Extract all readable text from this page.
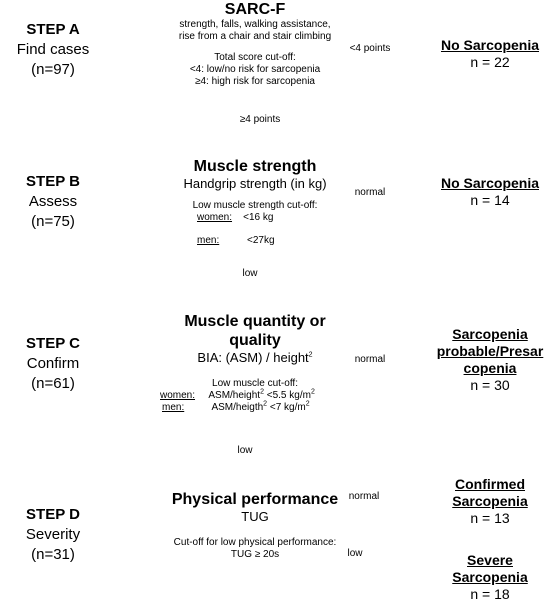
STEP A
Find cases
(n=97)
STEP B
Assess
(n=75)
STEP C
Confirm
(n=61)
STEP D
Severity
(n=31)
SARC-F
strength, falls, walking assistance,
rise from a chair and stair climbing
Total score cut-off:
<4: low/no risk for sarcopenia
≥4: high risk for sarcopenia
Muscle strength
Handgrip strength (in kg)
Low muscle strength cut-off:
women: <16 kg
men:	<27kg
Muscle quantity or
quality
BIA: (ASM) / height$^2$
Low muscle cut-off:
women: ASM/height$^2$ <5.5 $kg/m^2$
men:	ASM/heigth$^2$ <7 $kg/m^2$
Physical performance
TUG
Cut-off for low physical performance:
TUG ≥ 20s
<4 points
≥4 points
normal
low
normal
low
normal
low
No Sarcopenia
n = 22
No Sarcopenia
n = 14
Sarcopenia
probable/Presar
copenia
n = 30
Confirmed
Sarcopenia
n = 13
Severe
Sarcopenia
n = 18
